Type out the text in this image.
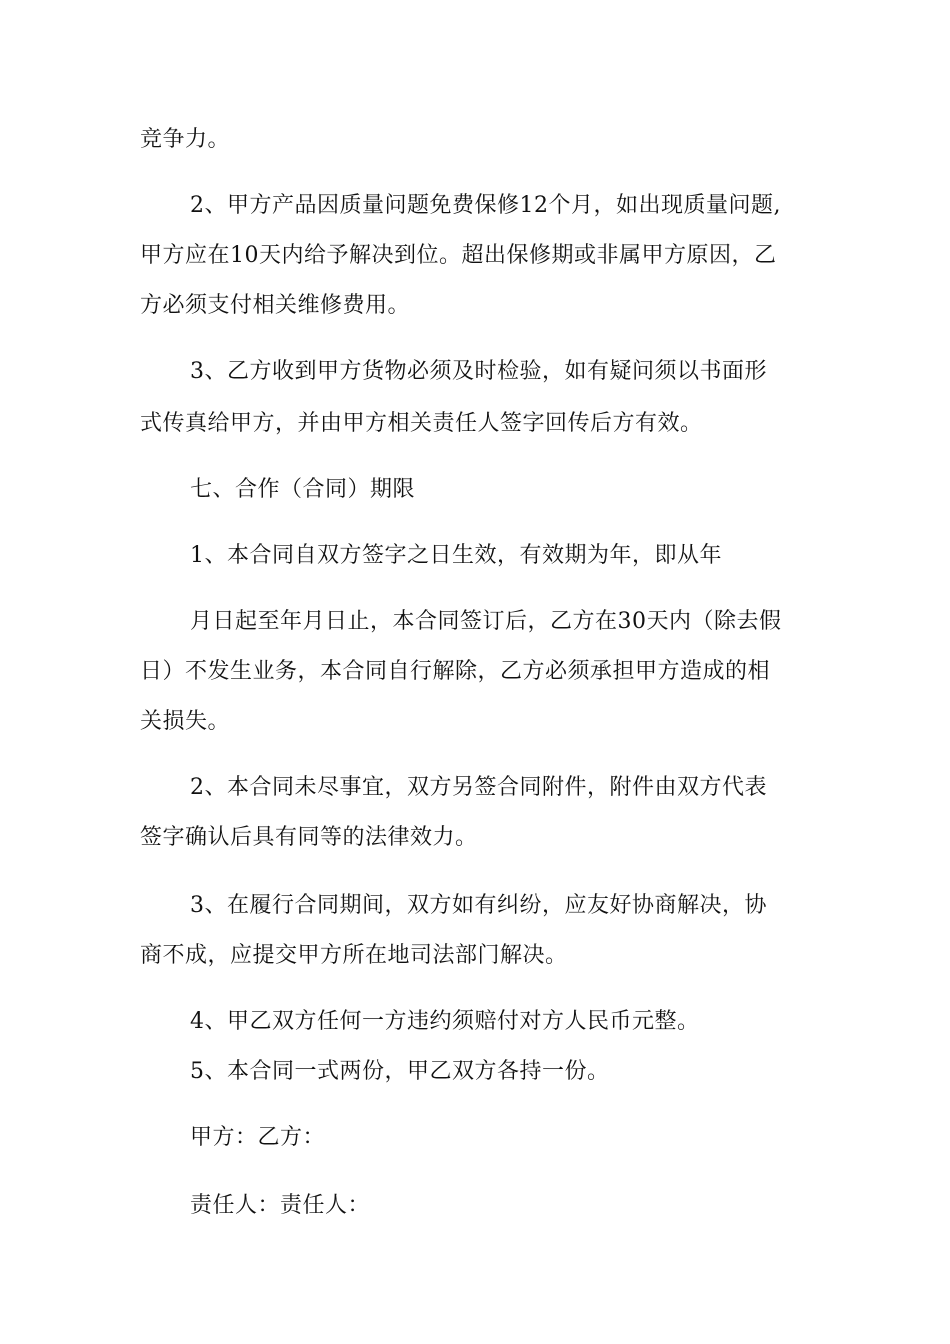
竞争力。
2、甲方产品因质量问题免费保修12个月，如出现质量问题,
甲方应在10天内给予解决到位。超出保修期或非属甲方原因，乙
方必须支付相关维修费用。
3、乙方收到甲方货物必须及时检验，如有疑问须以书面形
式传真给甲方，并由甲方相关责任人签字回传后方有效。
七、合作（合同）期限
1、本合同自双方签字之日生效，有效期为年，即从年
月日起至年月日止，本合同签订后，乙方在30天内（除去假
日）不发生业务，本合同自行解除，乙方必须承担甲方造成的相
关损失。
2、本合同未尽事宜，双方另签合同附件，附件由双方代表
签字确认后具有同等的法律效力。
3、在履行合同期间，双方如有纠纷，应友好协商解决，协
商不成，应提交甲方所在地司法部门解决。
4、甲乙双方任何一方违约须赔付对方人民币元整。
5、本合同一式两份，甲乙双方各持一份。
甲方：乙方：
责任人：责任人：
